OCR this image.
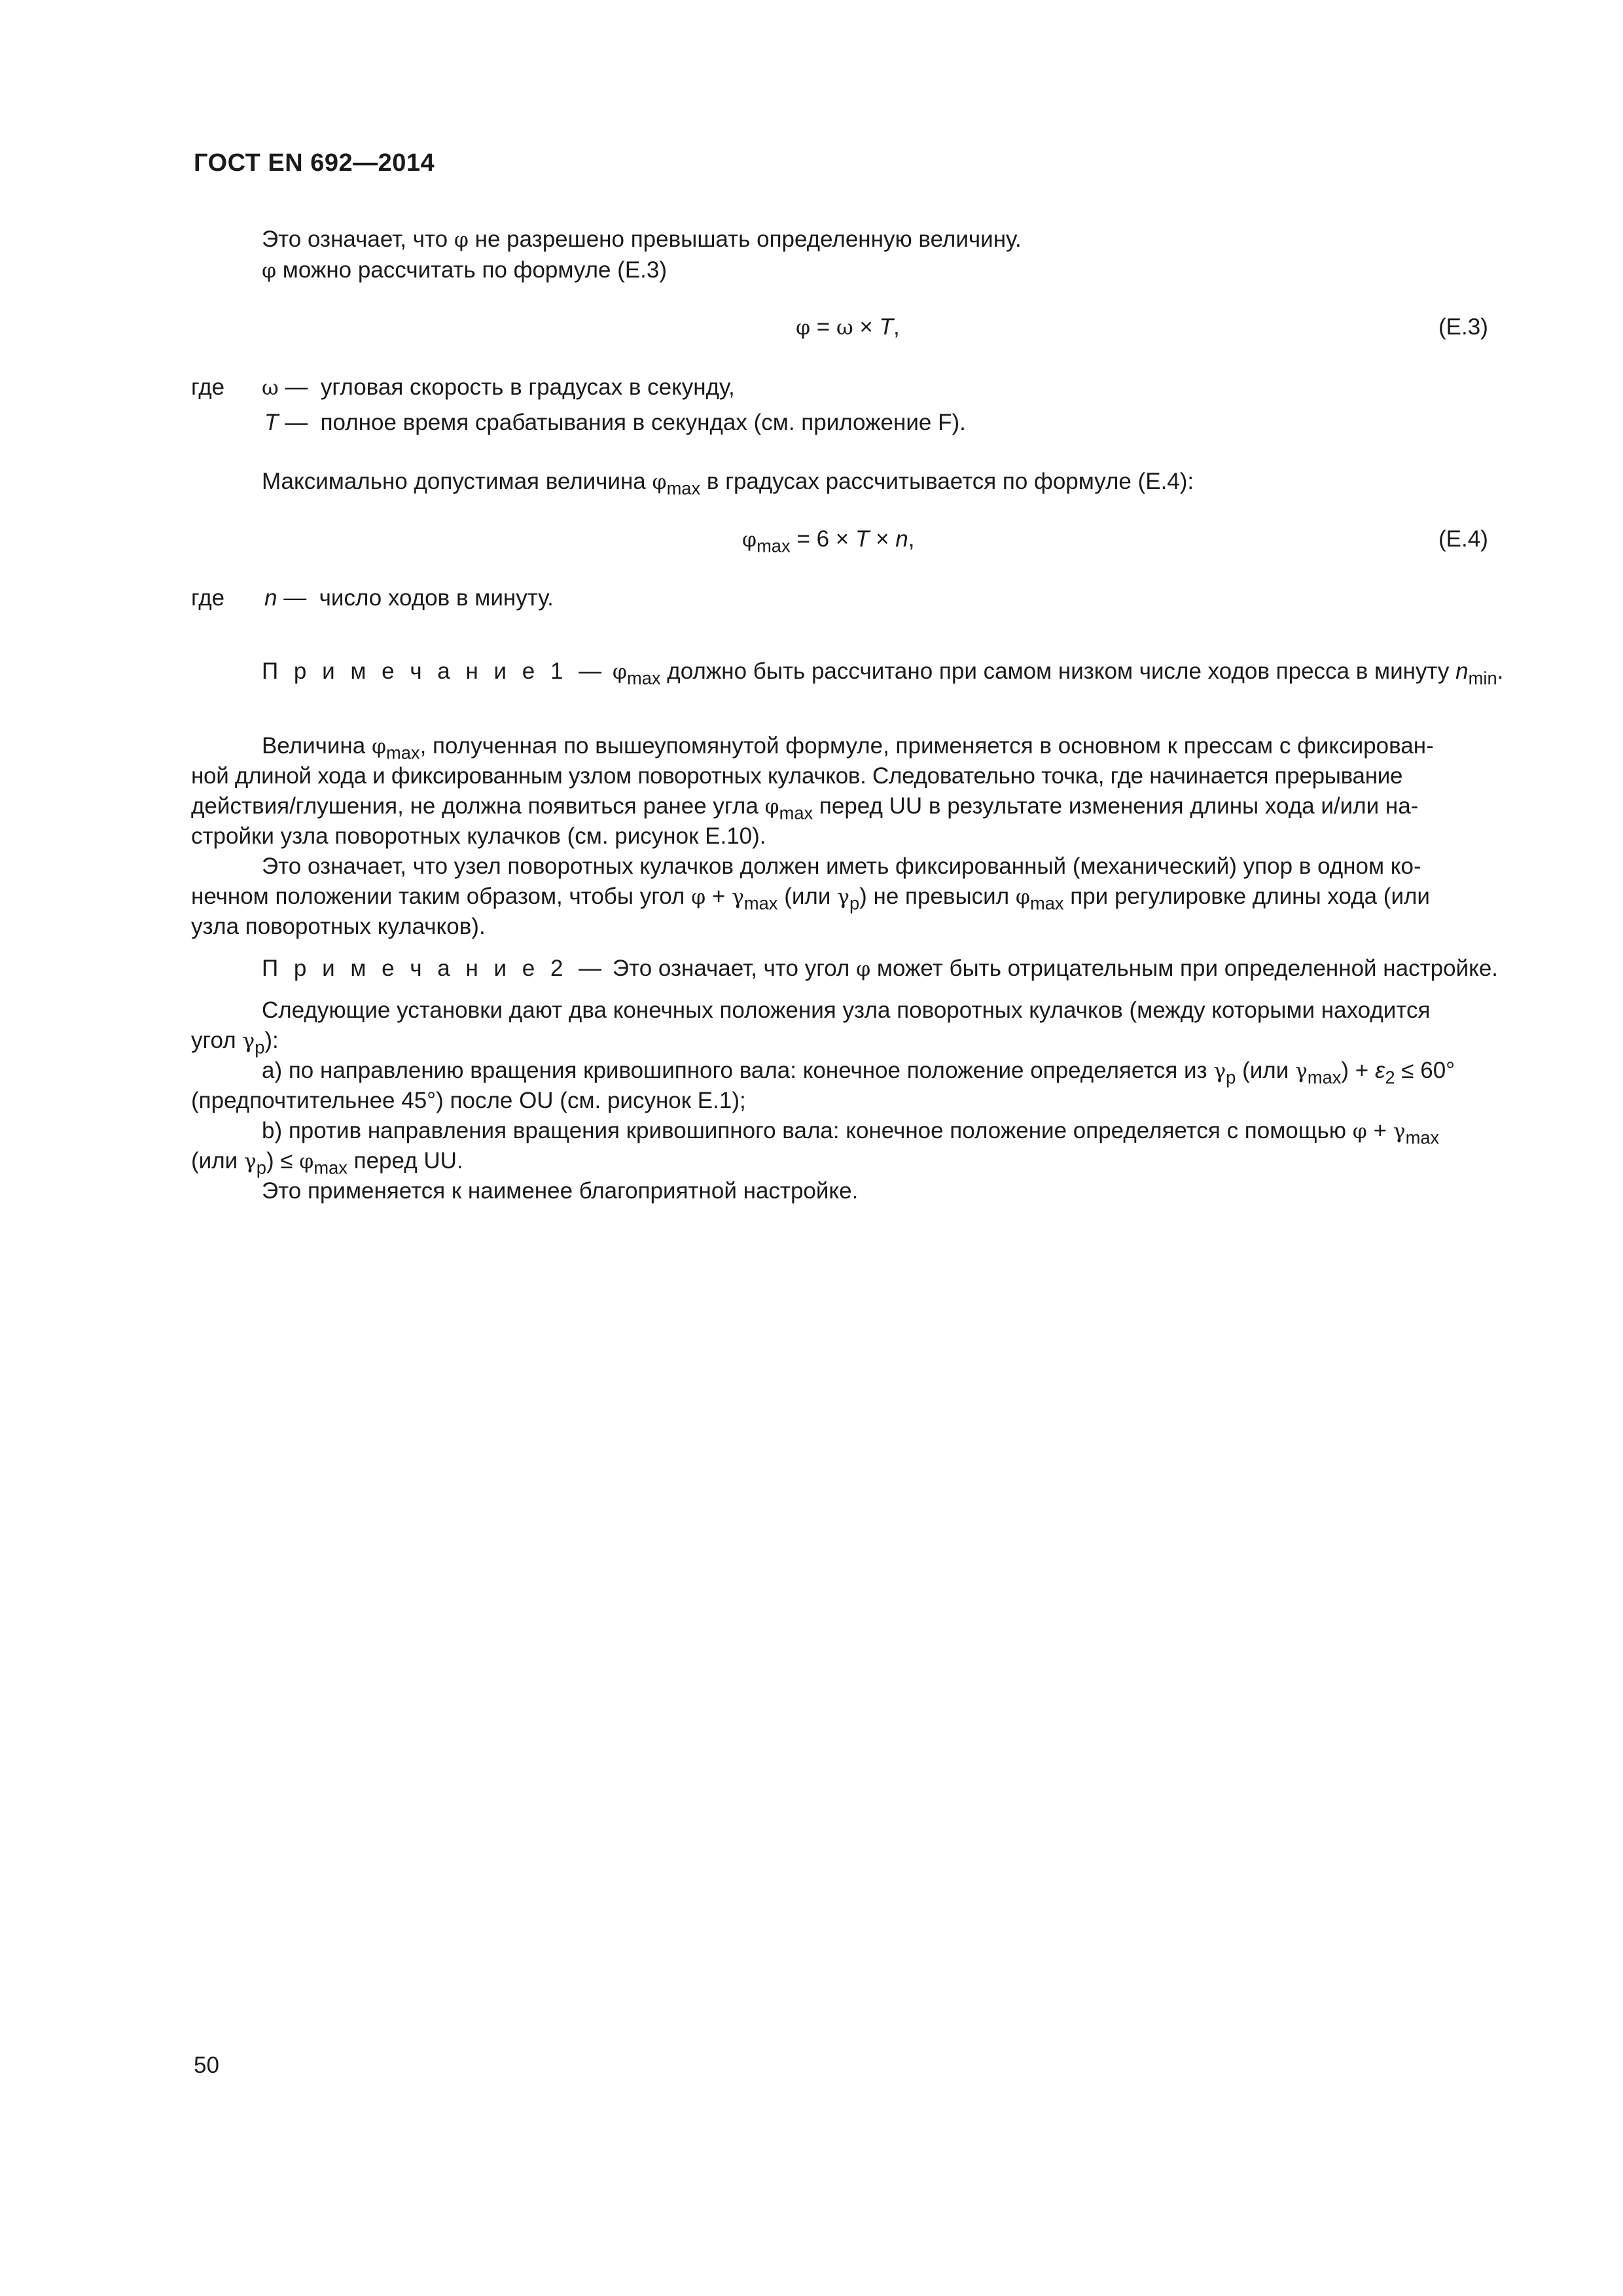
ГОСТ EN 692—2014
Это означает, что φ не разрешено превышать определенную величину.
φ можно рассчитать по формуле (Е.3)
φ = ω × T,	(Е.3)
где ω — угловая скорость в градусах в секунду,
T — полное время срабатывания в секундах (см. приложение F).
Максимально допустимая величина $\varphi_{max}$ в градусах рассчитывается по формуле (Е.4):
$\varphi_{max} = 6 \times T \times n$,	(Е.4)
где n — число ходов в минуту.
П р и м е ч а н и е 1 — $\varphi_{max}$ должно быть рассчитано при самом низком числе ходов пресса в минуту $n_{min}$.
Величина $\varphi_{max}$, полученная по вышеупомянутой формуле, применяется в основном к прессам с фиксирован-
ной длиной хода и фиксированным узлом поворотных кулачков. Следовательно точка, где начинается прерывание
действия/глушения, не должна появиться ранее угла $\varphi_{max}$ перед UU в результате изменения длины хода и/или на-
стройки узла поворотных кулачков (см. рисунок Е.10).
Это означает, что узел поворотных кулачков должен иметь фиксированный (механический) упор в одном ко-
нечном положении таким образом, чтобы угол $\varphi + \gamma_{max}$ (или $\gamma_p$) не превысил $\varphi_{max}$ при регулировке длины хода (или
узла поворотных кулачков).
П р и м е ч а н и е 2 — Это означает, что угол φ может быть отрицательным при определенной настройке.
Следующие установки дают два конечных положения узла поворотных кулачков (между которыми находится
угол $\gamma_p$):
a) по направлению вращения кривошипного вала: конечное положение определяется из $\gamma_p$ (или $\gamma_{max}) + \varepsilon_2 \le 60^\circ$
(предпочтительнее 45°) после OU (см. рисунок Е.1);
b) против направления вращения кривошипного вала: конечное положение определяется с помощью $\varphi + \gamma_{max}$
(или $\gamma_p) \le \varphi_{max}$ перед UU.
Это применяется к наименее благоприятной настройке.
50
